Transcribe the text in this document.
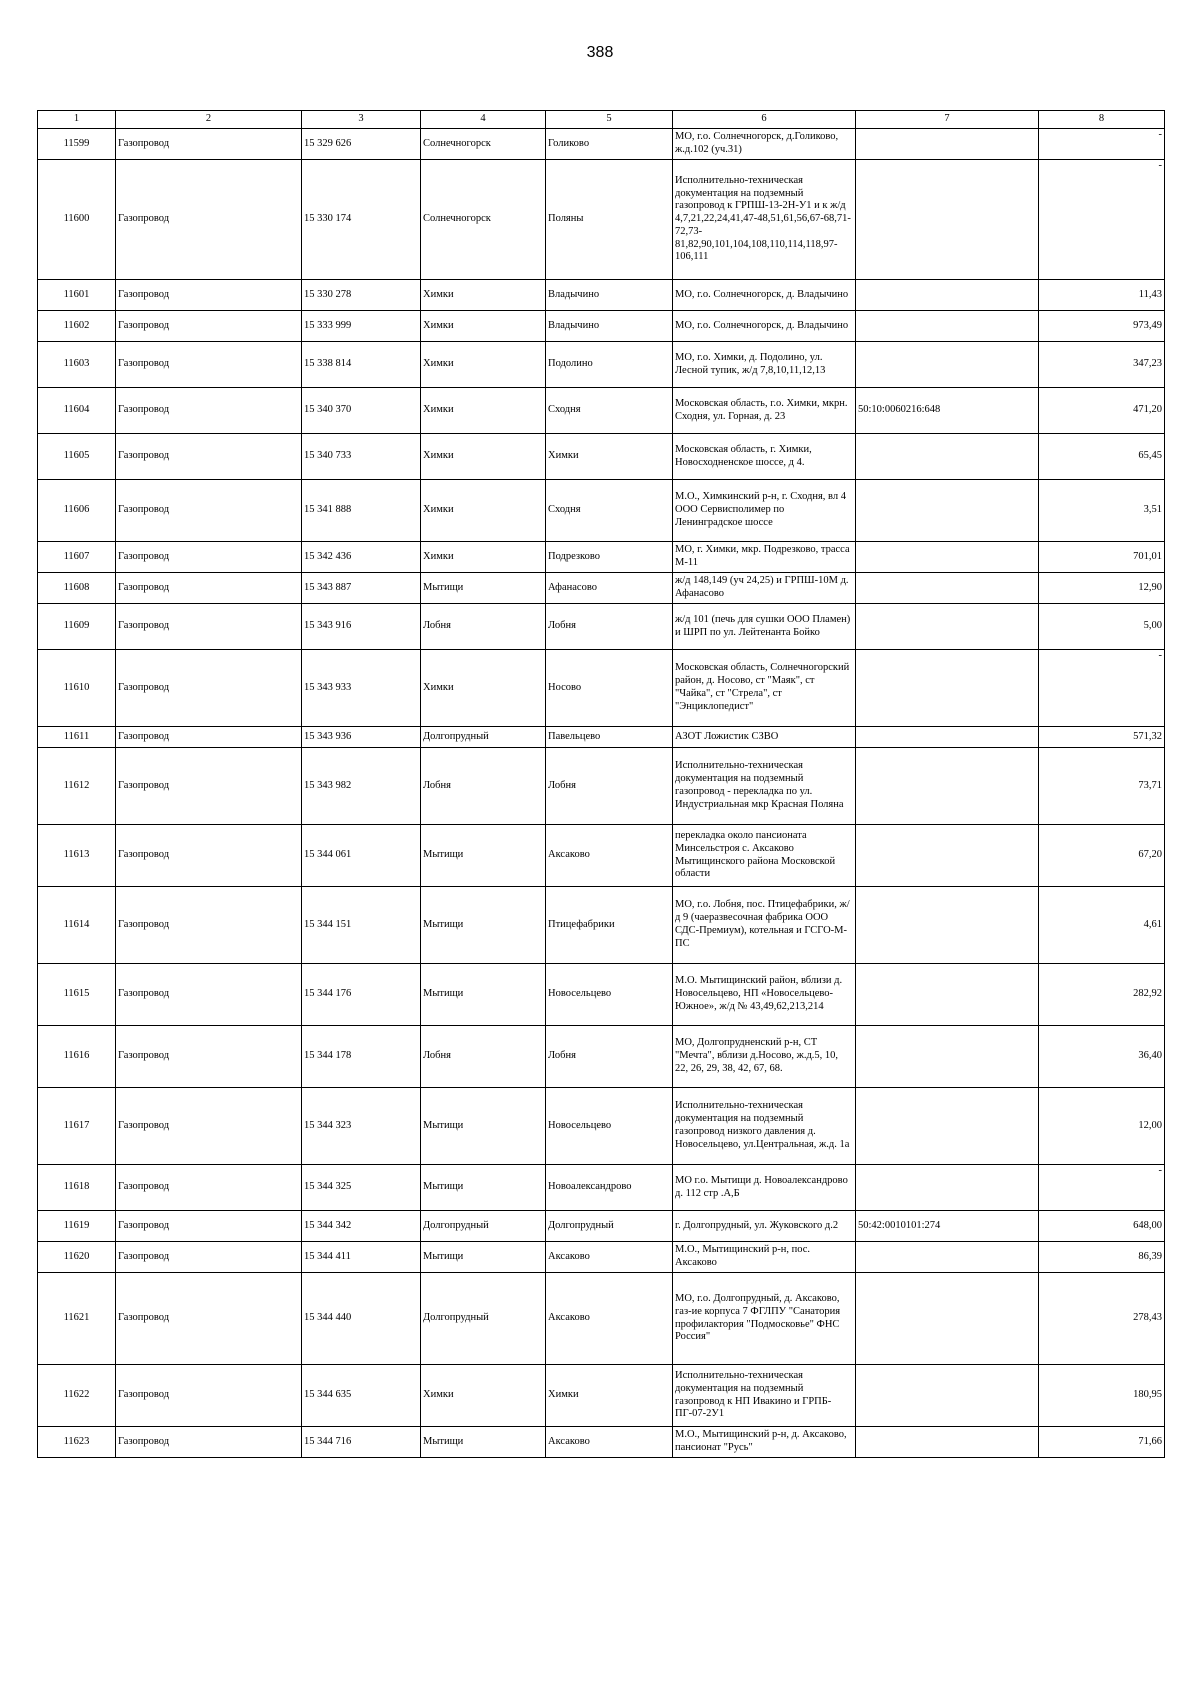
388
1	2	3	4	5	6	7	8
11599	Газопровод	15 329 626	Солнечногорск	Голиково	МО, г.о. Солнечногорск, д.Голиково, ж.д.102 (уч.31)		-

11600	Газопровод	15 330 174	Солнечногорск	Поляны	Исполнительно-техническая документация на подземный газопровод к ГРПШ-13-2Н-У1 и к ж/д 4,7,21,22,24,41,47-48,51,61,56,67-68,71-72,73-81,82,90,101,104,108,110,114,118,97-106,111		-

11601	Газопровод	15 330 278	Химки	Владычино	МО, г.о. Солнечногорск, д. Владычино		11,43
11602	Газопровод	15 333 999	Химки	Владычино	МО, г.о. Солнечногорск, д. Владычино		973,49
11603	Газопровод	15 338 814	Химки	Подолино	МО, г.о. Химки, д. Подолино, ул. Лесной тупик, ж/д 7,8,10,11,12,13		347,23
11604	Газопровод	15 340 370	Химки	Сходня	Московская область, г.о. Химки, мкрн. Сходня, ул. Горная, д. 23	50:10:0060216:648	471,20
11605	Газопровод	15 340 733	Химки	Химки	Московская область, г. Химки, Новосходненское шоссе, д 4.		65,45
11606	Газопровод	15 341 888	Химки	Сходня	М.О., Химкинский р-н, г. Сходня, вл 4 ООО Сервисполимер по Ленинградское шоссе		3,51
11607	Газопровод	15 342 436	Химки	Подрезково	МО, г. Химки, мкр. Подрезково, трасса М-11		701,01
11608	Газопровод	15 343 887	Мытищи	Афанасово	ж/д 148,149 (уч 24,25) и ГРПШ-10М д. Афанасово		12,90
11609	Газопровод	15 343 916	Лобня	Лобня	ж/д 101 (печь для сушки ООО Пламен) и ШРП по ул. Лейтенанта Бойко		5,00
11610	Газопровод	15 343 933	Химки	Носово	Московская область, Солнечногорский район, д. Носово, ст "Маяк", ст "Чайка", ст "Стрела", ст "Энциклопедист"		-

11611	Газопровод	15 343 936	Долгопрудный	Павельцево	АЗОТ Ложистик СЗВО		571,32
11612	Газопровод	15 343 982	Лобня	Лобня	Исполнительно-техническая документация на подземный газопровод - перекладка по ул. Индустриальная мкр Красная Поляна		73,71
11613	Газопровод	15 344 061	Мытищи	Аксаково	перекладка около пансионата Минсельстроя с. Аксаково Мытищинского района Московской области		67,20
11614	Газопровод	15 344 151	Мытищи	Птицефабрики	МО, г.о. Лобня, пос. Птицефабрики, ж/д 9 (чаеразвесочная фабрика ООО СДС-Премиум), котельная и ГСГО-М-ПС		4,61
11615	Газопровод	15 344 176	Мытищи	Новосельцево	М.О. Мытищинский район, вблизи д. Новосельцево, НП «Новосельцево-Южное», ж/д № 43,49,62,213,214		282,92
11616	Газопровод	15 344 178	Лобня	Лобня	МО, Долгопрудненский р-н, СТ "Мечта", вблизи д.Носово, ж.д.5, 10, 22, 26, 29, 38, 42, 67, 68.		36,40
11617	Газопровод	15 344 323	Мытищи	Новосельцево	Исполнительно-техническая документация на подземный газопровод низкого давления д. Новосельцево, ул.Центральная, ж.д. 1а		12,00
11618	Газопровод	15 344 325	Мытищи	Новоалександрово	МО г.о. Мытищи д. Новоалександрово д. 112 стр .А,Б		-

11619	Газопровод	15 344 342	Долгопрудный	Долгопрудный	г. Долгопрудный, ул. Жуковского д.2	50:42:0010101:274	648,00
11620	Газопровод	15 344 411	Мытищи	Аксаково	М.О., Мытищинский р-н, пос. Аксаково		86,39
11621	Газопровод	15 344 440	Долгопрудный	Аксаково	МО, г.о. Долгопрудный, д. Аксаково, газ-ие корпуса 7 ФГЛПУ "Санатория профилактория "Подмосковье" ФНС Россия"		278,43
11622	Газопровод	15 344 635	Химки	Химки	Исполнительно-техническая документация на подземный газопровод к НП Ивакино и ГРПБ-ПГ-07-2У1		180,95
11623	Газопровод	15 344 716	Мытищи	Аксаково	М.О., Мытищинский р-н, д. Аксаково, пансионат "Русь"		71,66
